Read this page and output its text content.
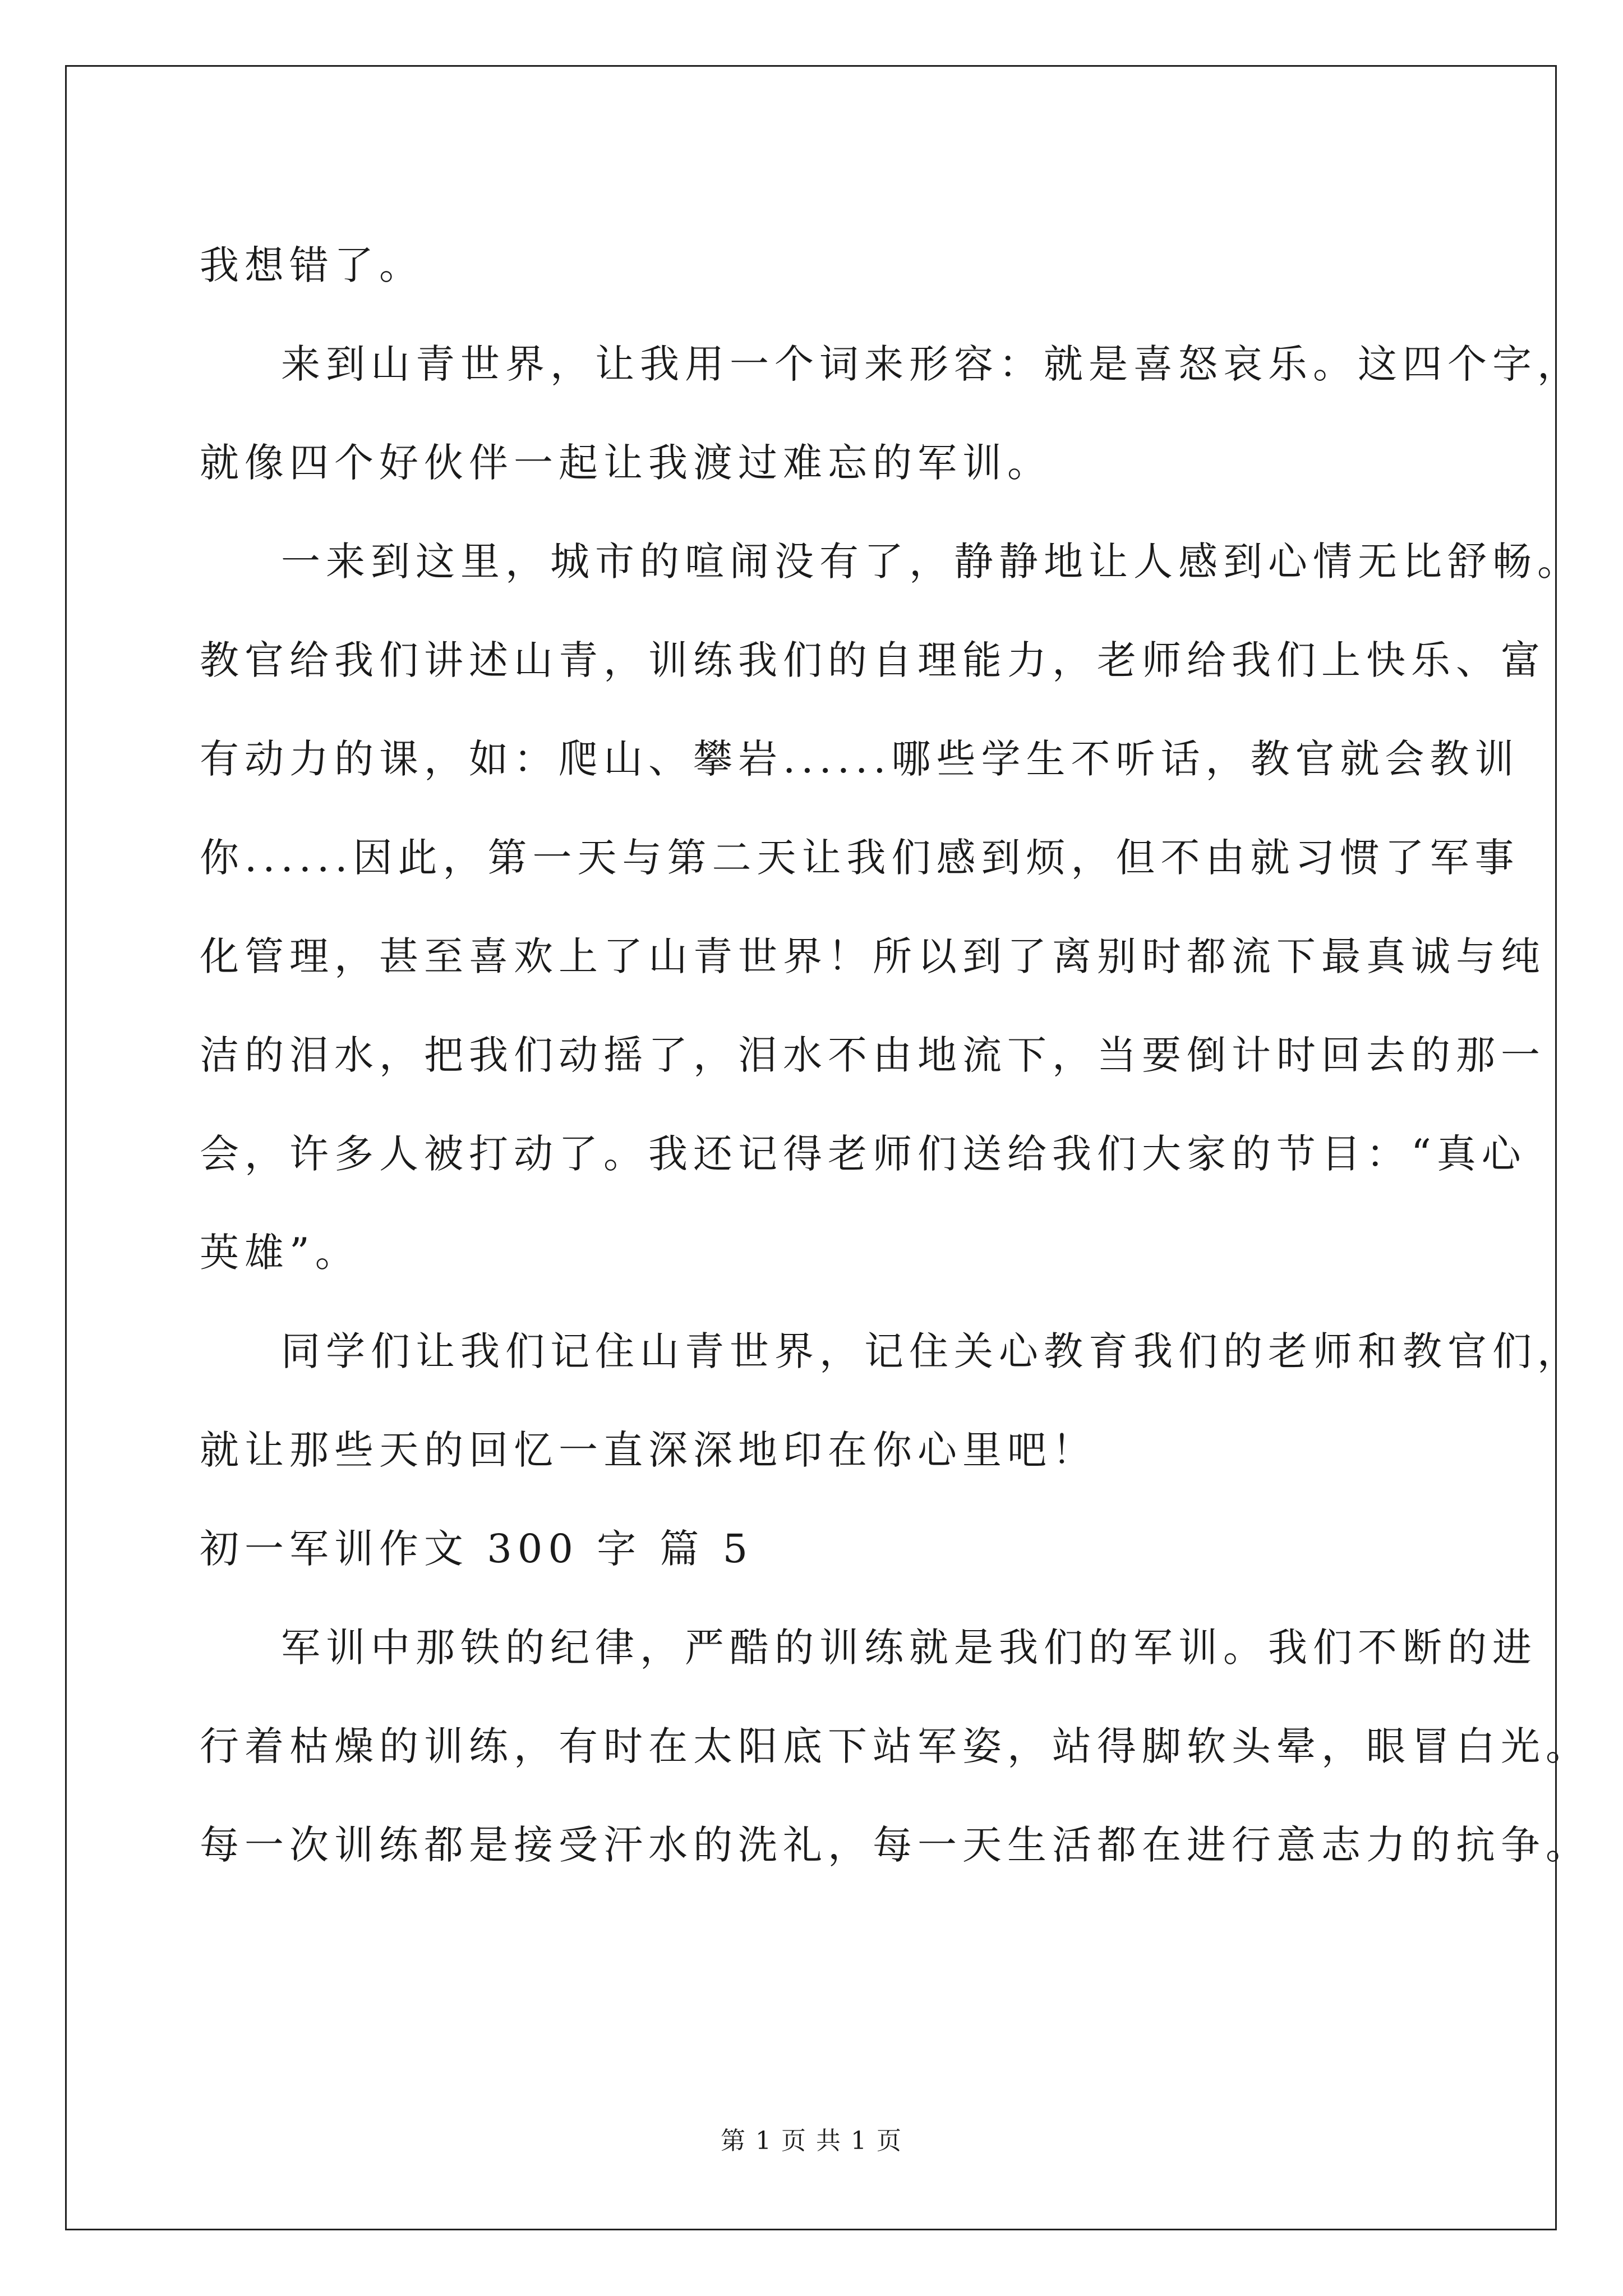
我想错了。
来到山青世界，让我用一个词来形容：就是喜怒哀乐。这四个字，
就像四个好伙伴一起让我渡过难忘的军训。
一来到这里，城市的喧闹没有了，静静地让人感到心情无比舒畅。
教官给我们讲述山青，训练我们的自理能力，老师给我们上快乐、富
有动力的课，如：爬山、攀岩......哪些学生不听话，教官就会教训
你......因此，第一天与第二天让我们感到烦，但不由就习惯了军事
化管理，甚至喜欢上了山青世界！所以到了离别时都流下最真诚与纯
洁的泪水，把我们动摇了，泪水不由地流下，当要倒计时回去的那一
会，许多人被打动了。我还记得老师们送给我们大家的节目：“真心
英雄”。
同学们让我们记住山青世界，记住关心教育我们的老师和教官们，
就让那些天的回忆一直深深地印在你心里吧！
初一军训作文 300 字 篇 5
军训中那铁的纪律，严酷的训练就是我们的军训。我们不断的进
行着枯燥的训练，有时在太阳底下站军姿，站得脚软头晕，眼冒白光。
每一次训练都是接受汗水的洗礼，每一天生活都在进行意志力的抗争。
第 1 页 共 1 页
